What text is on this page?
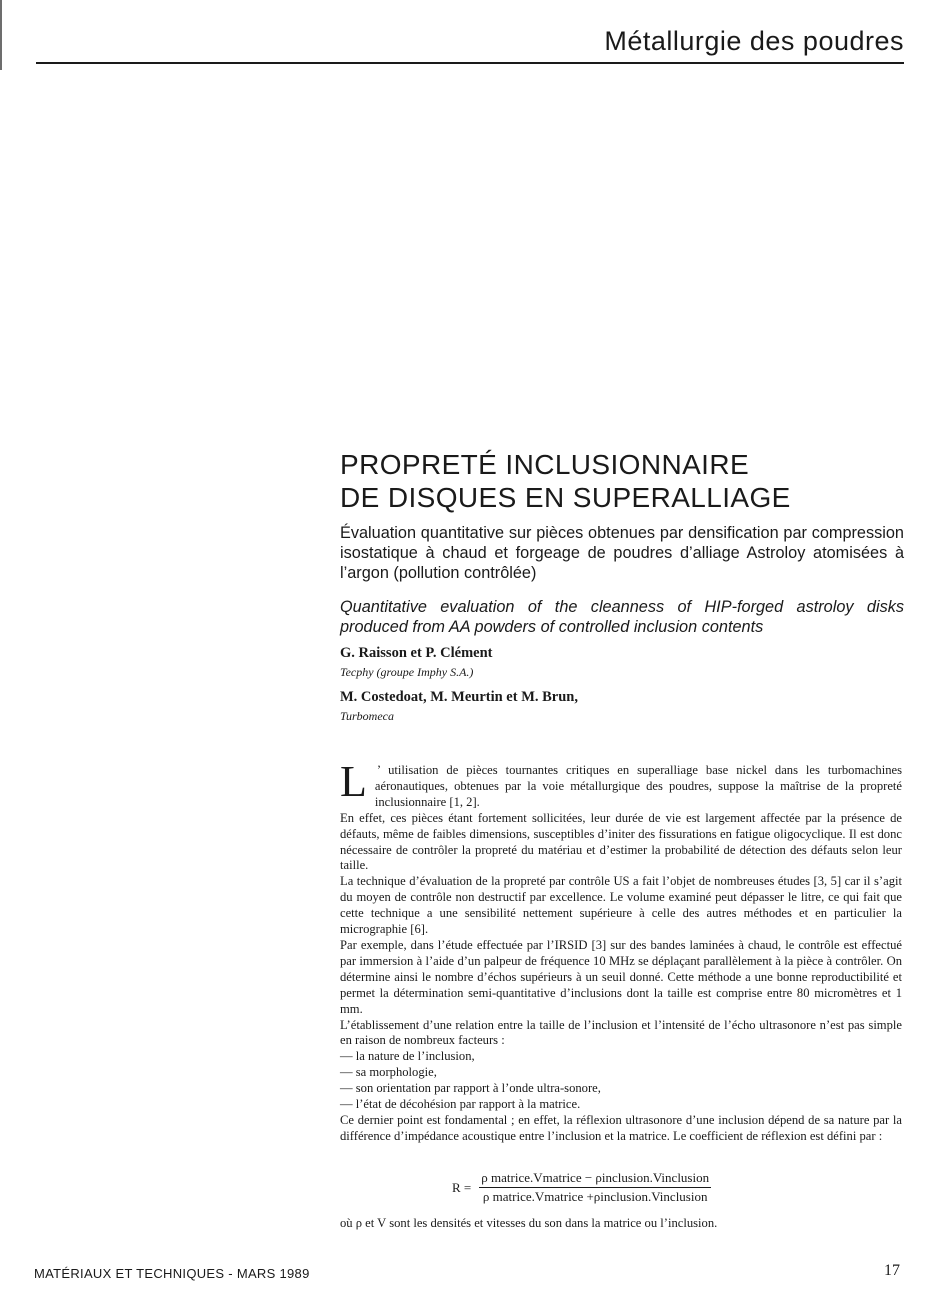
Métallurgie des poudres
PROPRETÉ INCLUSIONNAIRE
DE DISQUES EN SUPERALLIAGE
Évaluation quantitative sur pièces obtenues par densification par compression isostatique à chaud et forgeage de poudres d’alliage Astroloy atomisées à l’argon (pollution contrôlée)
Quantitative evaluation of the cleanness of HIP-forged astroloy disks produced from AA powders of controlled inclusion contents
G. Raisson et P. Clément
Tecphy (groupe Imphy S.A.)
M. Costedoat, M. Meurtin et M. Brun,
Turbomeca

L ’ utilisation de pièces tournantes critiques en superalliage base nickel dans les turbomachines aéronautiques, obtenues par la voie métallurgique des poudres, suppose la maîtrise de la propreté inclusionnaire [1, 2].

En effet, ces pièces étant fortement sollicitées, leur durée de vie est largement affectée par la présence de défauts, même de faibles dimensions, susceptibles d’initer des fissurations en fatigue oligocyclique. Il est donc nécessaire de contrôler la propreté du matériau et d’estimer la probabilité de détection des défauts selon leur taille.

La technique d’évaluation de la propreté par contrôle US a fait l’objet de nombreuses études [3, 5] car il s’agit du moyen de contrôle non destructif par excellence. Le volume examiné peut dépasser le litre, ce qui fait que cette technique a une sensibilité nettement supérieure à celle des autres méthodes et en particulier la micrographie [6].

Par exemple, dans l’étude effectuée par l’IRSID [3] sur des bandes laminées à chaud, le contrôle est effectué par immersion à l’aide d’un palpeur de fréquence 10 MHz se déplaçant parallèlement à la pièce à contrôler. On détermine ainsi le nombre d’échos supérieurs à un seuil donné. Cette méthode a une bonne reproductibilité et permet la détermination semi-quantitative d’inclusions dont la taille est comprise entre 80 micromètres et 1 mm.

L’établissement d’une relation entre la taille de l’inclusion et l’intensité de l’écho ultrasonore n’est pas simple en raison de nombreux facteurs :

— la nature de l’inclusion,
— sa morphologie,
— son orientation par rapport à l’onde ultra-sonore,
— l’état de décohésion par rapport à la matrice.

Ce dernier point est fondamental ; en effet, la réflexion ultrasonore d’une inclusion dépend de sa nature par la différence d’impédance acoustique entre l’inclusion et la matrice. Le coefficient de réflexion est défini par :

$R = \frac{\text{ρ matrice.Vmatrice − ρinclusion.Vinclusion}}{\text{ρ matrice.Vmatrice +ρinclusion.Vinclusion}}$
où ρ et V sont les densités et vitesses du son dans la matrice ou l’inclusion.
MATÉRIAUX ET TECHNIQUES - MARS 1989	17
